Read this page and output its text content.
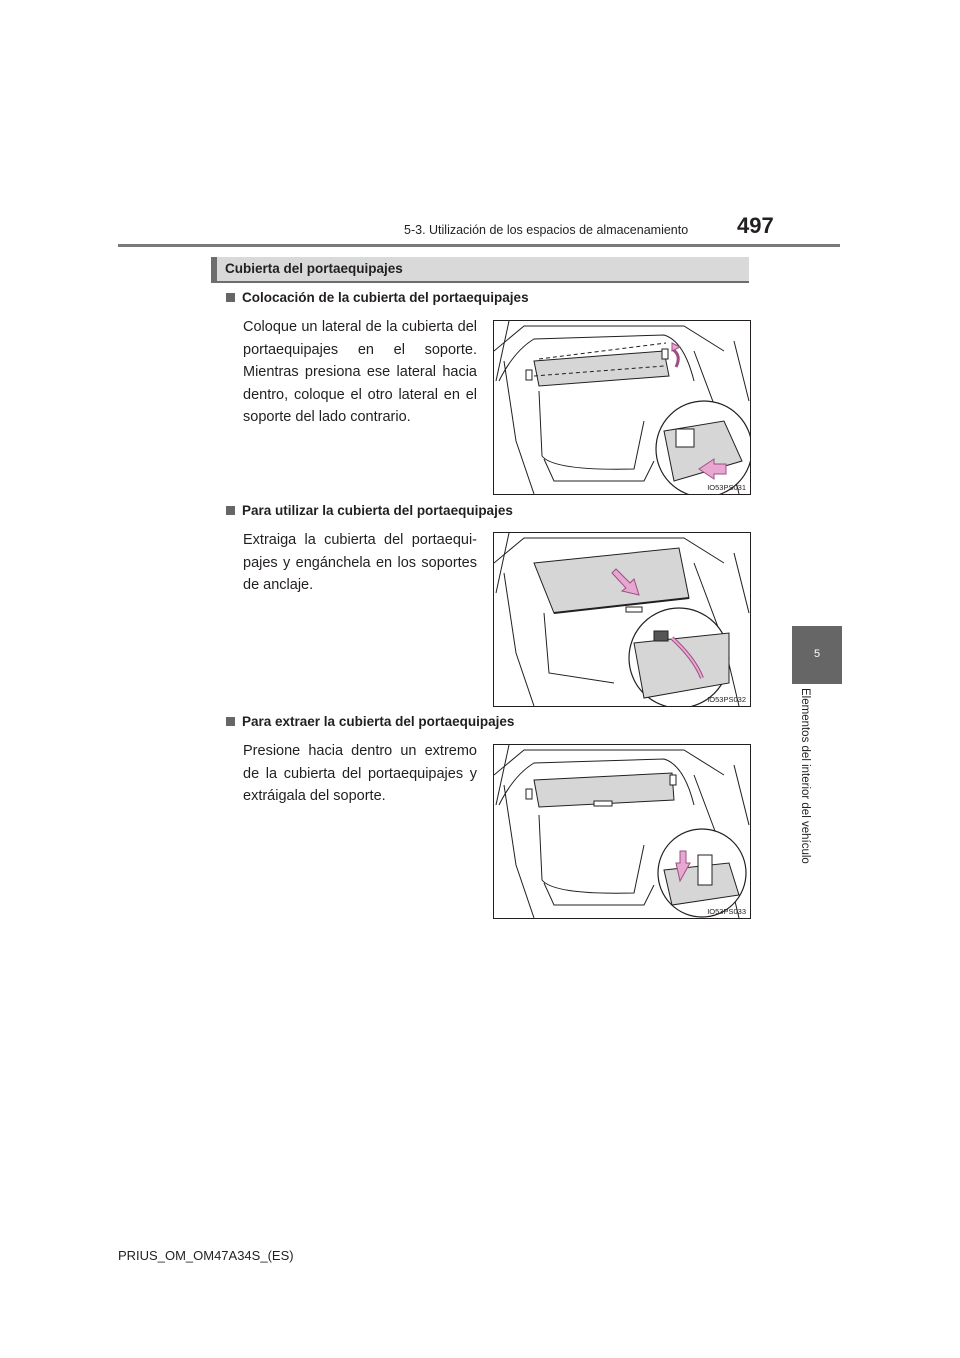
5-3. Utilización de los espacios de almacenamiento 497
5
Elementos del interior del vehículo
Cubierta del portaequipajes
Colocación de la cubierta del portaequipajes
Coloque un lateral de la cubierta del portaequipajes en el soporte. Mientras presiona ese lateral hacia dentro, coloque el otro lateral en el soporte del lado contrario.
IO53PS031
Para utilizar la cubierta del portaequipajes
Extraiga la cubierta del portaequi-pajes y engánchela en los soportes de anclaje.
IO53PS032
Para extraer la cubierta del portaequipajes
Presione hacia dentro un extremo de la cubierta del portaequipajes y extráigala del soporte.
IO53PS033
PRIUS_OM_OM47A34S_(ES)
